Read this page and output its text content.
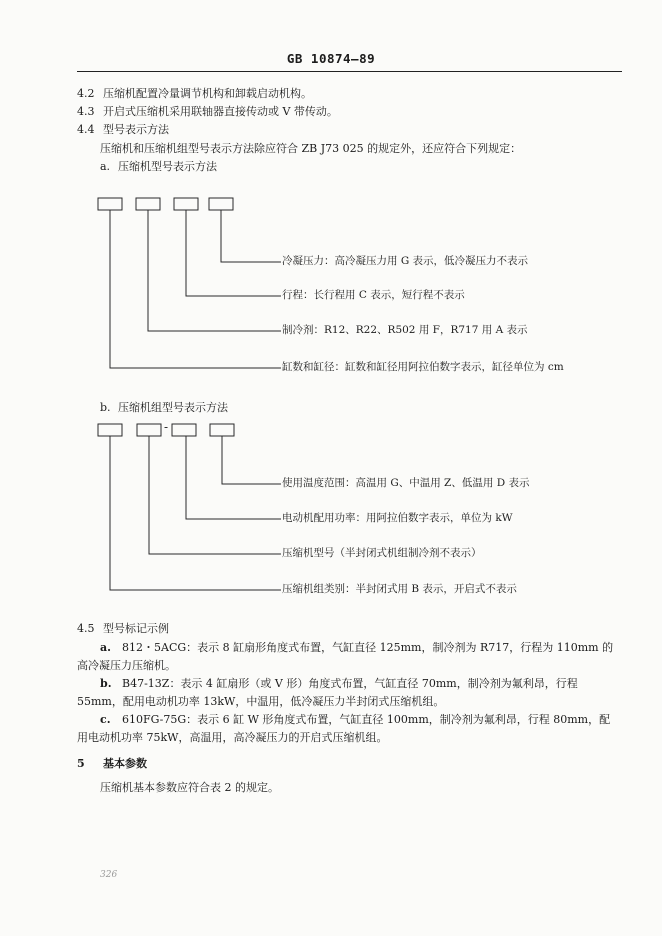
GB 10874—89
4.2 压缩机配置冷量调节机构和卸载启动机构。
4.3 开启式压缩机采用联轴器直接传动或 V 带传动。
4.4 型号表示方法
压缩机和压缩机组型号表示方法除应符合 ZB J73 025 的规定外，还应符合下列规定：
a. 压缩机型号表示方法
冷凝压力：高冷凝压力用 G 表示，低冷凝压力不表示
行程：长行程用 C 表示，短行程不表示
制冷剂：R12、R22、R502 用 F，R717 用 A 表示
缸数和缸径：缸数和缸径用阿拉伯数字表示，缸径单位为 cm
b. 压缩机组型号表示方法
-
使用温度范围：高温用 G、中温用 Z、低温用 D 表示
电动机配用功率：用阿拉伯数字表示，单位为 kW
压缩机型号（半封闭式机组制冷剂不表示）
压缩机组类别：半封闭式用 B 表示，开启式不表示
4.5 型号标记示例
a. 812・5ACG：表示 8 缸扇形角度式布置，气缸直径 125mm，制冷剂为 R717，行程为 110mm 的
高冷凝压力压缩机。
b. B47-13Z：表示 4 缸扇形（或 V 形）角度式布置，气缸直径 70mm，制冷剂为氟利昂，行程
55mm，配用电动机功率 13kW，中温用，低冷凝压力半封闭式压缩机组。
c. 610FG-75G：表示 6 缸 W 形角度式布置，气缸直径 100mm，制冷剂为氟利昂，行程 80mm，配
用电动机功率 75kW，高温用，高冷凝压力的开启式压缩机组。
5 基本参数
压缩机基本参数应符合表 2 的规定。
326
